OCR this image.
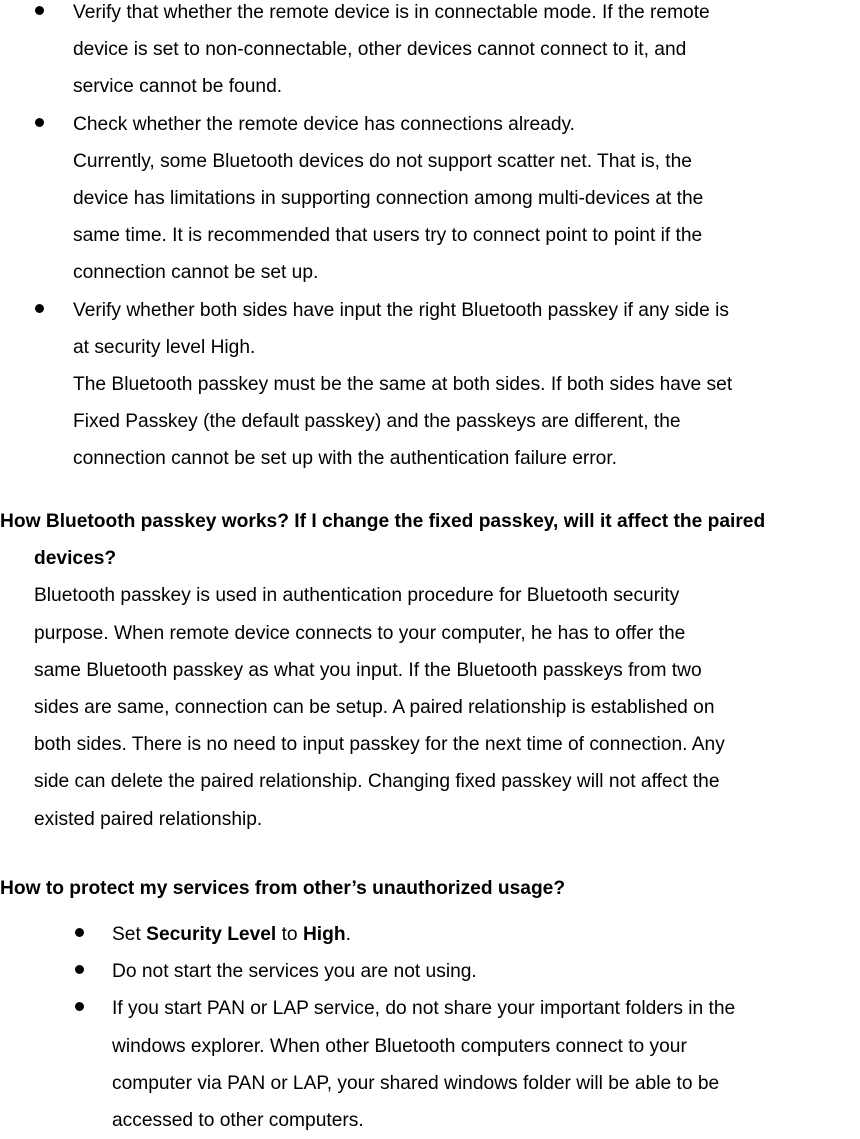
Verify that whether the remote device is in connectable mode. If the remote
device is set to non-connectable, other devices cannot connect to it, and
service cannot be found.
Check whether the remote device has connections already.
Currently, some Bluetooth devices do not support scatter net. That is, the
device has limitations in supporting connection among multi-devices at the
same time. It is recommended that users try to connect point to point if the
connection cannot be set up.
Verify whether both sides have input the right Bluetooth passkey if any side is
at security level High.
The Bluetooth passkey must be the same at both sides. If both sides have set
Fixed Passkey (the default passkey) and the passkeys are different, the
connection cannot be set up with the authentication failure error.
How Bluetooth passkey works? If I change the fixed passkey, will it affect the paired
devices?
Bluetooth passkey is used in authentication procedure for Bluetooth security
purpose. When remote device connects to your computer, he has to offer the
same Bluetooth passkey as what you input. If the Bluetooth passkeys from two
sides are same, connection can be setup. A paired relationship is established on
both sides. There is no need to input passkey for the next time of connection. Any
side can delete the paired relationship. Changing fixed passkey will not affect the
existed paired relationship.
How to protect my services from other’s unauthorized usage?
Set Security Level to High.
Do not start the services you are not using.
If you start PAN or LAP service, do not share your important folders in the
windows explorer. When other Bluetooth computers connect to your
computer via PAN or LAP, your shared windows folder will be able to be
accessed to other computers.
